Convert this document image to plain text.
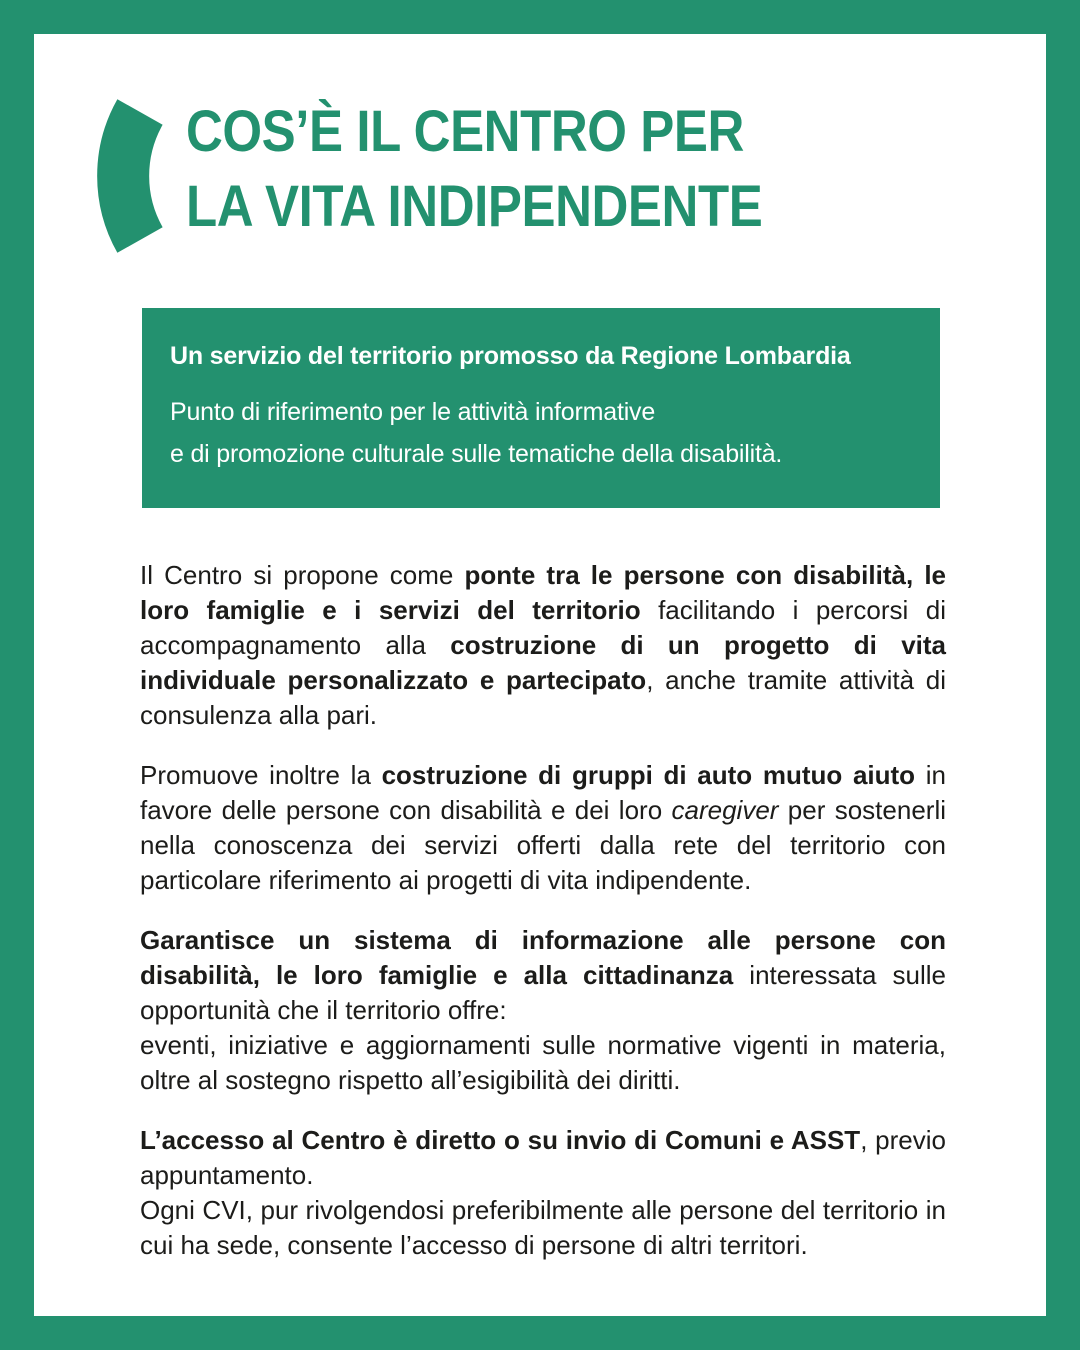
COS’È IL CENTRO PER
LA VITA INDIPENDENTE

Un servizio del territorio promosso da Regione Lombardia

Punto di riferimento per le attività informative

e di promozione culturale sulle tematiche della disabilità.

Il Centro si propone come ponte tra le persone con disabilità, le loro famiglie e i servizi del territorio facilitando i percorsi di accompagnamento alla costruzione di un progetto di vita individuale personalizzato e partecipato, anche tramite attività di consulenza alla pari.

Promuove inoltre la costruzione di gruppi di auto mutuo aiuto in favore delle persone con disabilità e dei loro caregiver per sostenerli nella conoscenza dei servizi offerti dalla rete del territorio con particolare riferimento ai progetti di vita indipendente.

Garantisce un sistema di informazione alle persone con disabilità, le loro famiglie e alla cittadinanza interessata sulle opportunità che il territorio offre:
eventi, iniziative e aggiornamenti sulle normative vigenti in materia, oltre al sostegno rispetto all’esigibilità dei diritti.

L’accesso al Centro è diretto o su invio di Comuni e ASST, previo appuntamento.
Ogni CVI, pur rivolgendosi preferibilmente alle persone del territorio in cui ha sede, consente l’accesso di persone di altri territori.
